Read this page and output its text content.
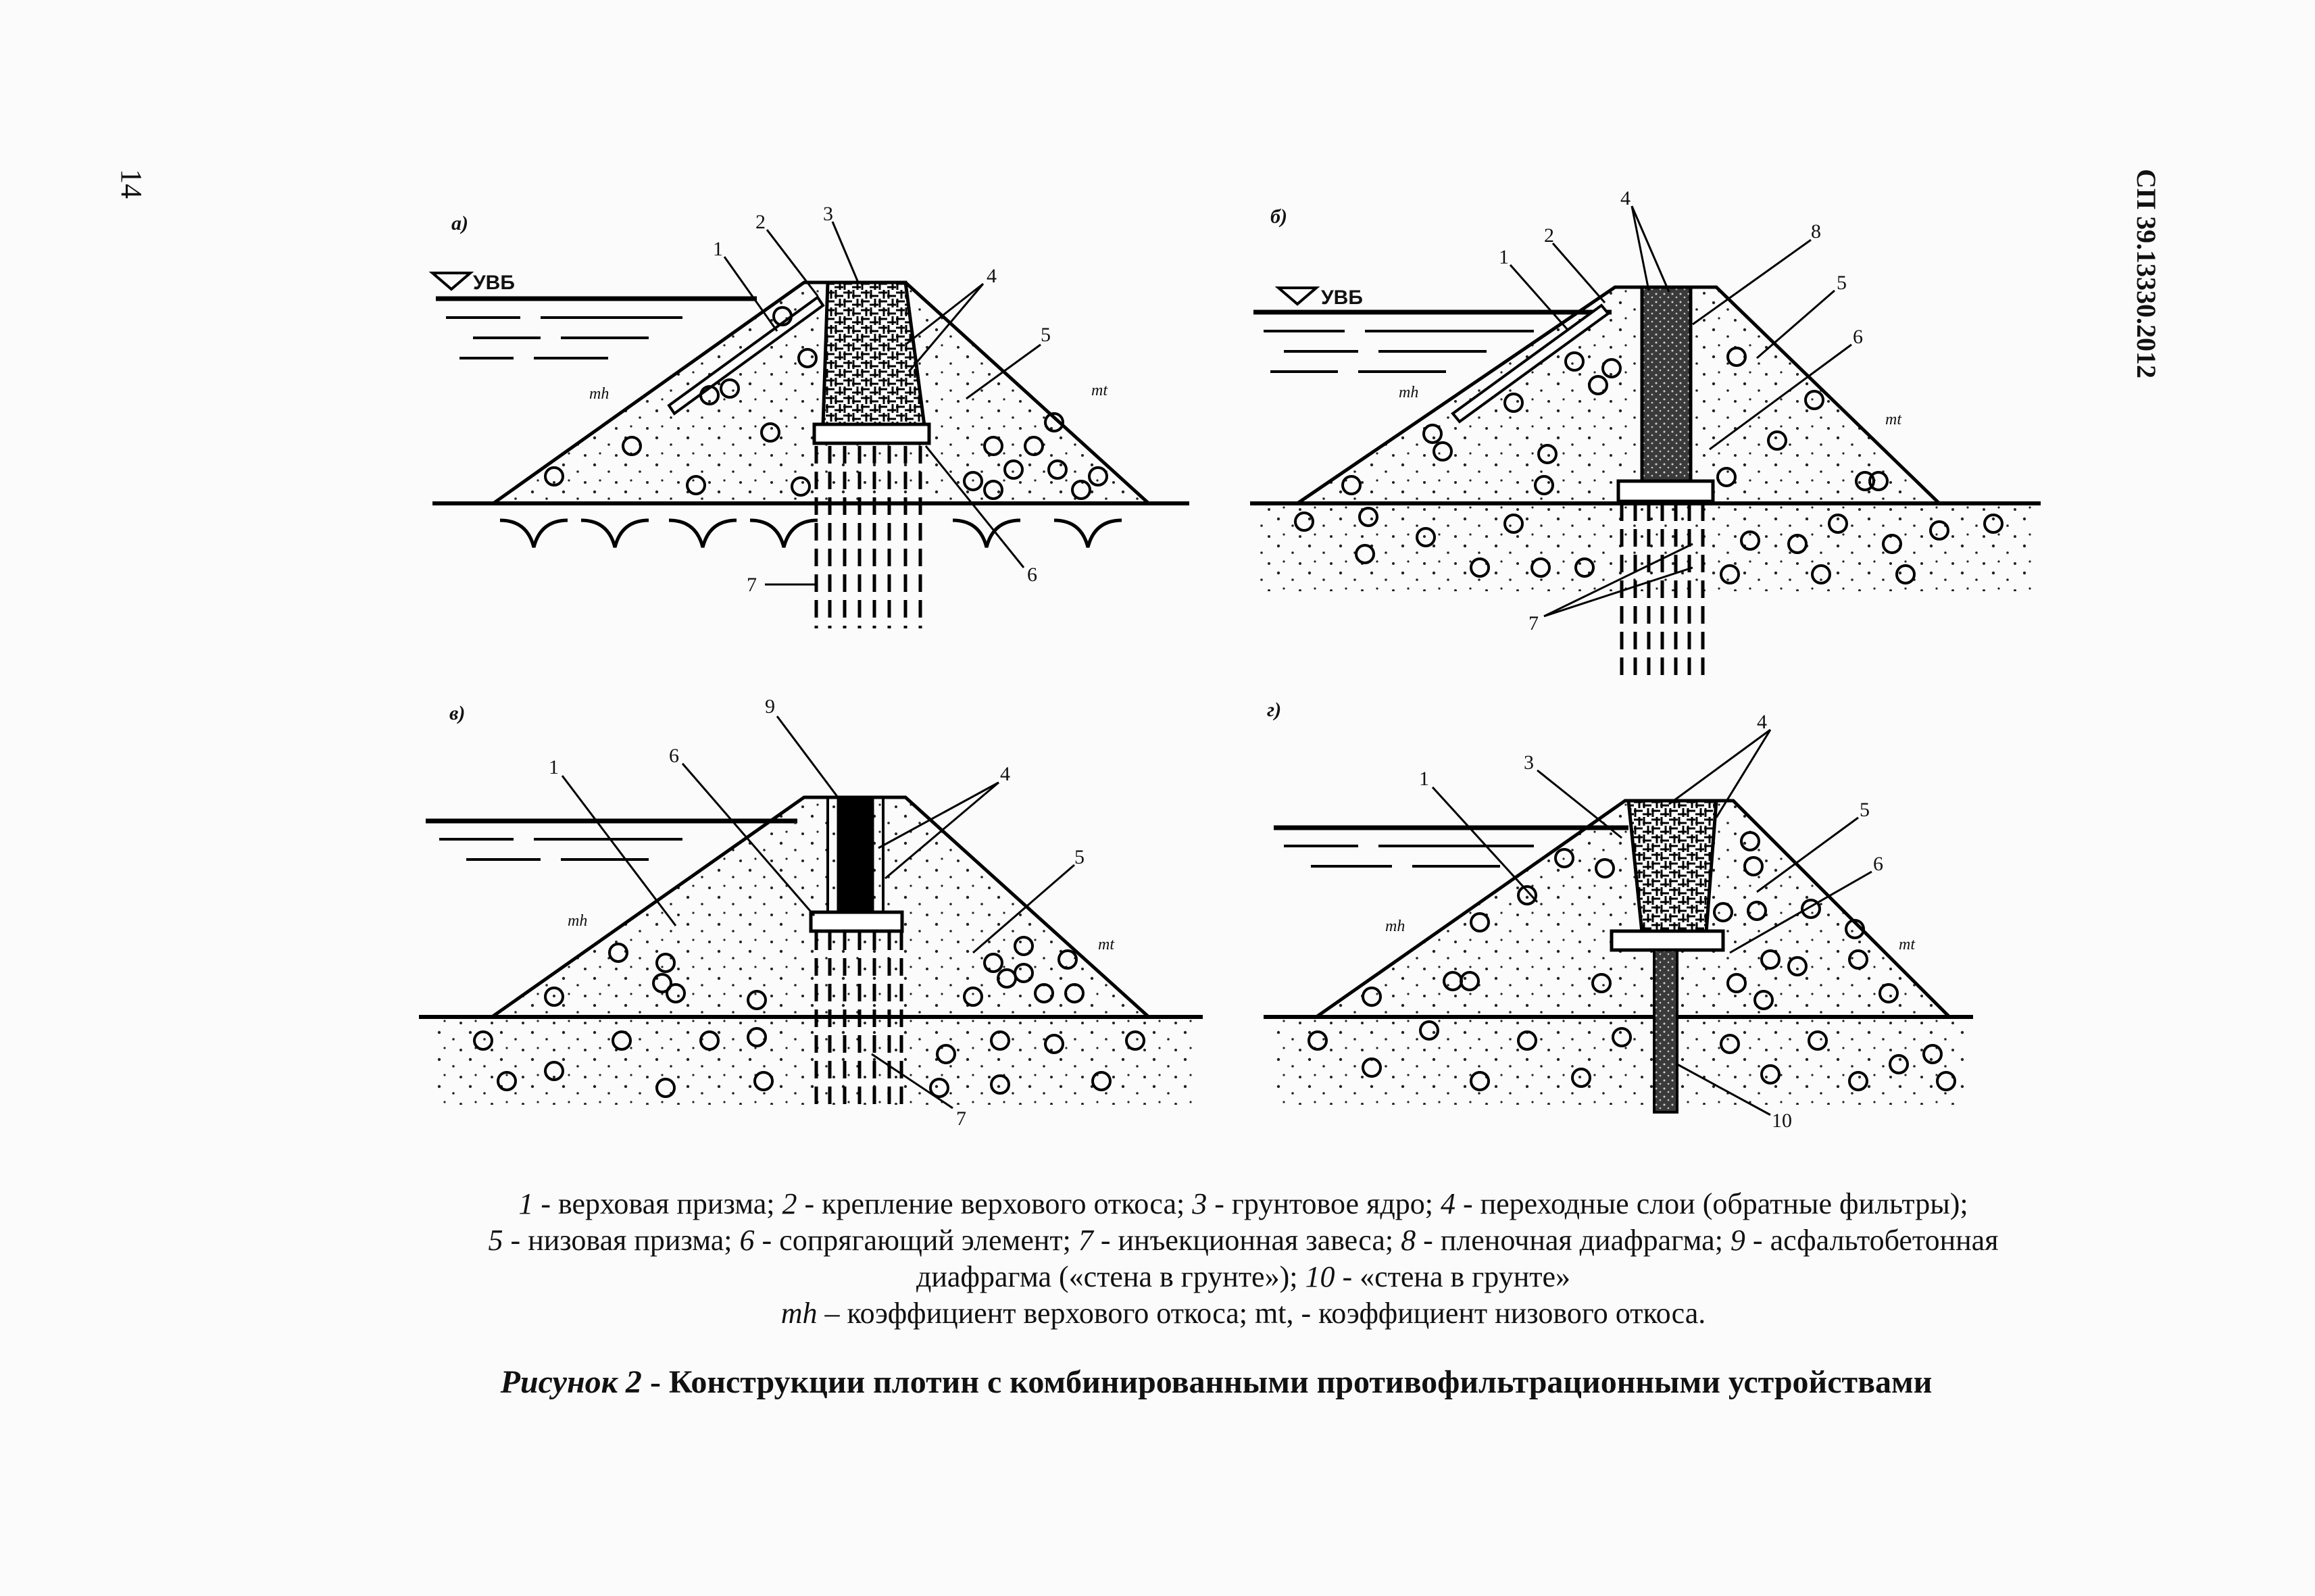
14	СП 39.13330.2012
а)
УВБ
1
2	3
4
5
6
7
mh	mt
б)
УВБ
1
2
4
8
5
6
7
mh
mt
в)	9
1
6
4
5
7
mh
mt
г)
4
3
1
5
6
10
mh
mt
1 - верховая призма; 2 - крепление верхового откоса; 3 - грунтовое ядро; 4 - переходные слои (обратные фильтры);
5 - низовая призма; 6 - сопрягающий элемент; 7 - инъекционная завеса; 8 - пленочная диафрагма; 9 - асфальтобетонная
диафрагма («стена в грунте»); 10 - «стена в грунте»
mh – коэффициент верхового откоса; mt, - коэффициент низового откоса.
Рисунок 2 - Конструкции плотин с комбинированными противофильтрационными устройствами
